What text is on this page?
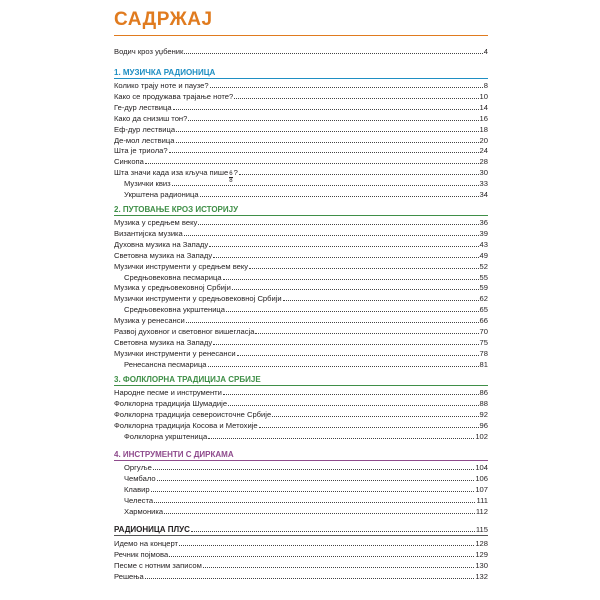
САДРЖАЈ
Водич кроз уџбеник	4
1. МУЗИЧКА РАДИОНИЦА
Колико трају ноте и паузе?	8
Како се продужава трајање ноте?	10
Ге-дур лествица	14
Како да снизиш тон?	16
Еф-дур лествица	18
Де-мол лествица	20
Шта је триола?	24
Синкопа	28
Шта значи када иза кључа пише $\frac{6}{8}$ ?	30
Музички квиз	33
Укрштена радионица	34
2. ПУТОВАЊЕ КРОЗ ИСТОРИЈУ
Музика у средњем веку	36
Византијска музика	39
Духовна музика на Западу	43
Световна музика на Западу	49
Музички инструменти у средњем веку	52
Средњовековна песмарица	55
Музика у средњовековној Србији	59
Музички инструменти у средњовековној Србији	62
Средњовековна укрштеница	65
Музика у ренесанси	66
Развој духовног и световног вишегласја	70
Световна музика на Западу	75
Музички инструменти у ренесанси	78
Ренесансна песмарица	81
3. ФОЛКЛОРНА ТРАДИЦИЈА СРБИЈЕ
Народне песме и инструменти	86
Фолклорна традиција Шумадије	88
Фолклорна традиција североисточне Србије	92
Фолклорна традиција Косова и Метохије	96
Фолклорна укрштеница	102
4. ИНСТРУМЕНТИ С ДИРКАМА
Оргуље	104
Чембало	106
Клавир	107
Челеста	111
Хармоника	112
РАДИОНИЦА ПЛУС	115
Идемо на концерт	128
Речник појмова	129
Песме с нотним записом	130
Решења	132
